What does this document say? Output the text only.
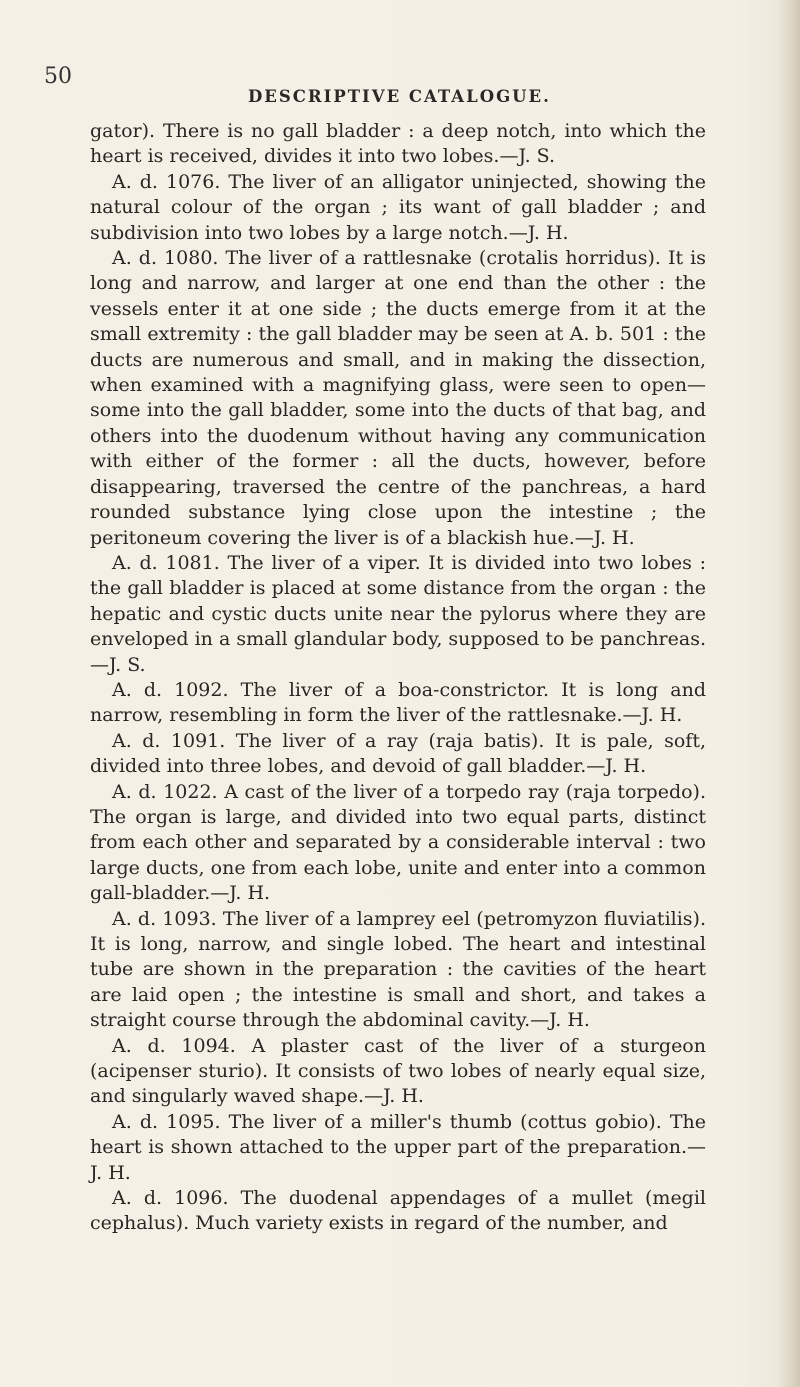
50
DESCRIPTIVE CATALOGUE.

gator). There is no gall bladder : a deep notch, into which the heart is received, divides it into two lobes.—J. S.

A. d. 1076. The liver of an alligator uninjected, showing the natural colour of the organ ; its want of gall bladder ; and subdivision into two lobes by a large notch.—J. H.

A. d. 1080. The liver of a rattlesnake (crotalis horridus). It is long and narrow, and larger at one end than the other : the vessels enter it at one side ; the ducts emerge from it at the small extremity : the gall bladder may be seen at A. b. 501 : the ducts are numerous and small, and in making the dissection, when examined with a magnifying glass, were seen to open—some into the gall bladder, some into the ducts of that bag, and others into the duodenum without having any communication with either of the former : all the ducts, however, before disappearing, traversed the centre of the panchreas, a hard rounded substance lying close upon the intestine ; the peritoneum covering the liver is of a blackish hue.—J. H.

A. d. 1081. The liver of a viper. It is divided into two lobes : the gall bladder is placed at some distance from the organ : the hepatic and cystic ducts unite near the pylorus where they are enveloped in a small glandular body, supposed to be panchreas.—J. S.

A. d. 1092. The liver of a boa-constrictor. It is long and narrow, resembling in form the liver of the rattlesnake.—J. H.

A. d. 1091. The liver of a ray (raja batis). It is pale, soft, divided into three lobes, and devoid of gall bladder.—J. H.

A. d. 1022. A cast of the liver of a torpedo ray (raja torpedo). The organ is large, and divided into two equal parts, distinct from each other and separated by a considerable interval : two large ducts, one from each lobe, unite and enter into a common gall-bladder.—J. H.

A. d. 1093. The liver of a lamprey eel (petromyzon fluviatilis). It is long, narrow, and single lobed. The heart and intestinal tube are shown in the preparation : the cavities of the heart are laid open ; the intestine is small and short, and takes a straight course through the abdominal cavity.—J. H.

A. d. 1094. A plaster cast of the liver of a sturgeon (acipenser sturio). It consists of two lobes of nearly equal size, and singularly waved shape.—J. H.

A. d. 1095. The liver of a miller's thumb (cottus gobio). The heart is shown attached to the upper part of the preparation.—J. H.

A. d. 1096. The duodenal appendages of a mullet (megil cephalus). Much variety exists in regard of the number, and
